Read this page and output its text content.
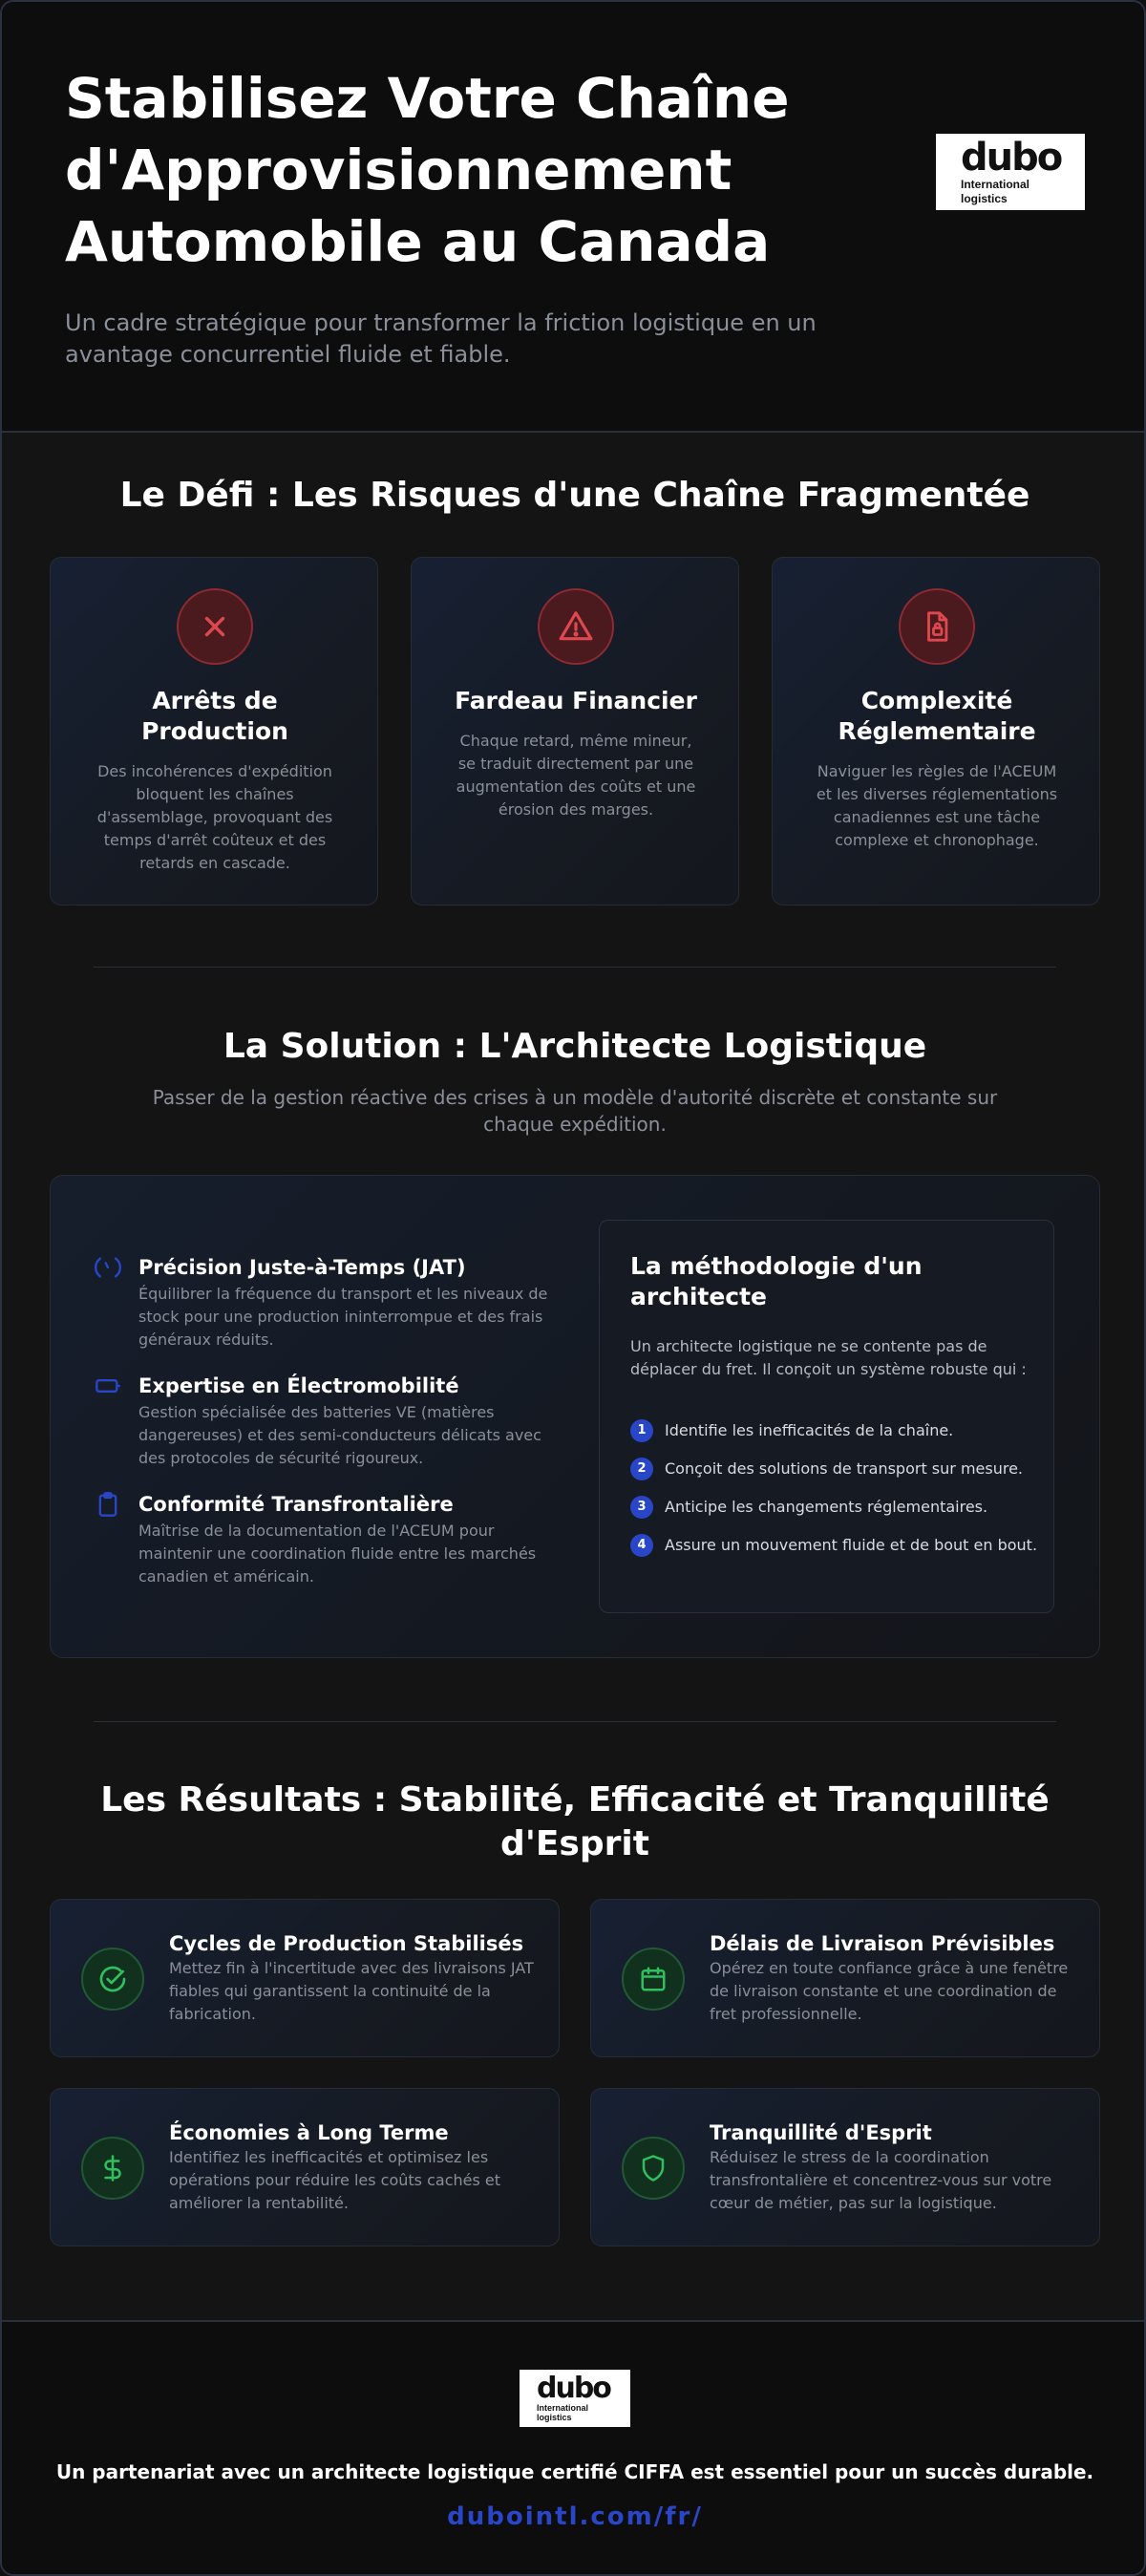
Stabilisez Votre Chaîne d'Approvisionnement Automobile au Canada

Un cadre stratégique pour transformer la friction logistique en un avantage concurrentiel fluide et fiable.

dubo
International
logistics
Le Défi : Les Risques d'une Chaîne Fragmentée
Arrêts de Production
Des incohérences d'expédition bloquent les chaînes d'assemblage, provoquant des temps d'arrêt coûteux et des retards en cascade.
Fardeau Financier
Chaque retard, même mineur, se traduit directement par une augmentation des coûts et une érosion des marges.
Complexité Réglementaire
Naviguer les règles de l'ACEUM et les diverses réglementations canadiennes est une tâche complexe et chronophage.
La Solution : L'Architecte Logistique

Passer de la gestion réactive des crises à un modèle d'autorité discrète et constante sur chaque expédition.

Précision Juste-à-Temps (JAT)
Équilibrer la fréquence du transport et les niveaux de stock pour une production ininterrompue et des frais généraux réduits.
Expertise en Électromobilité
Gestion spécialisée des batteries VE (matières dangereuses) et des semi-conducteurs délicats avec des protocoles de sécurité rigoureux.
Conformité Transfrontalière
Maîtrise de la documentation de l'ACEUM pour maintenir une coordination fluide entre les marchés canadien et américain.
La méthodologie d'un architecte
Un architecte logistique ne se contente pas de déplacer du fret. Il conçoit un système robuste qui :
1	Identifie les inefficacités de la chaîne.
2	Conçoit des solutions de transport sur mesure.
3	Anticipe les changements réglementaires.
4	Assure un mouvement fluide et de bout en bout.
Les Résultats : Stabilité, Efficacité et Tranquillité d'Esprit
Cycles de Production Stabilisés
Mettez fin à l'incertitude avec des livraisons JAT fiables qui garantissent la continuité de la fabrication.
Délais de Livraison Prévisibles
Opérez en toute confiance grâce à une fenêtre de livraison constante et une coordination de fret professionnelle.
Économies à Long Terme
Identifiez les inefficacités et optimisez les opérations pour réduire les coûts cachés et améliorer la rentabilité.
Tranquillité d'Esprit
Réduisez le stress de la coordination transfrontalière et concentrez-vous sur votre cœur de métier, pas sur la logistique.
dubo
International
logistics

Un partenariat avec un architecte logistique certifié CIFFA est essentiel pour un succès durable.

dubointl.com/fr/
